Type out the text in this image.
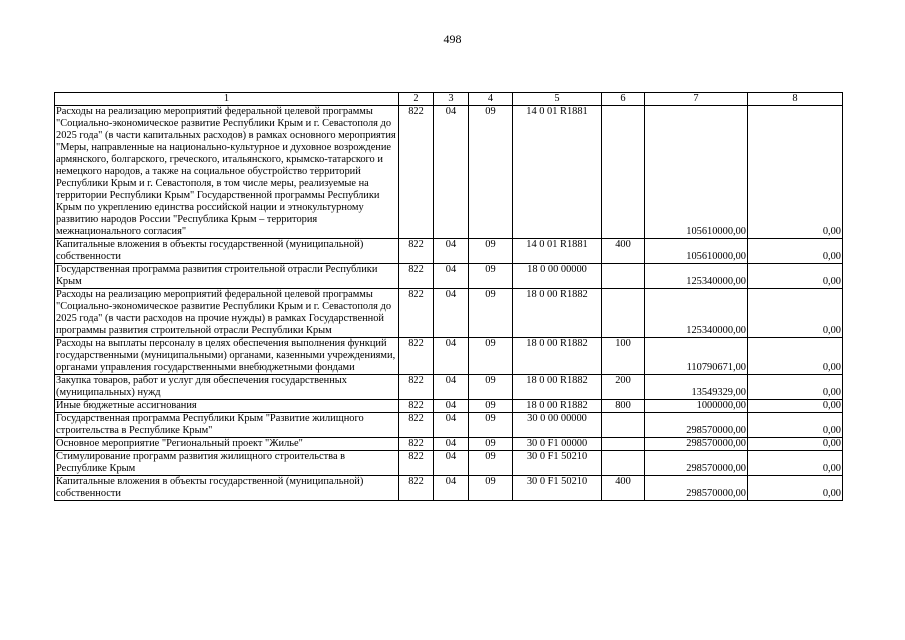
498
1	2	3	4	5	6	7	8
Расходы на реализацию мероприятий федеральной целевой программы "Социально-экономическое развитие Республики Крым и г. Севастополя до 2025 года" (в части капитальных расходов) в рамках основного мероприятия "Меры, направленные на национально-культурное и духовное возрождение армянского, болгарского, греческого, итальянского, крымско-татарского и немецкого народов, а также на социальное обустройство территорий Республики Крым и г. Севастополя, в том числе меры, реализуемые на территории Республики Крым" Государственной программы Республики Крым по укреплению единства российской нации и этнокультурному развитию народов России "Республика Крым – территория межнационального согласия"	822	04	09	14 0 01 R1881		105610000,00	0,00
Капитальные вложения в объекты государственной (муниципальной) собственности	822	04	09	14 0 01 R1881	400	105610000,00	0,00
Государственная программа развития строительной отрасли Республики Крым	822	04	09	18 0 00 00000		125340000,00	0,00
Расходы на реализацию мероприятий федеральной целевой программы "Социально-экономическое развитие Республики Крым и г. Севастополя до 2025 года" (в части расходов на прочие нужды) в рамках Государственной программы развития строительной отрасли Республики Крым	822	04	09	18 0 00 R1882		125340000,00	0,00
Расходы на выплаты персоналу в целях обеспечения выполнения функций государственными (муниципальными) органами, казенными учреждениями, органами управления государственными внебюджетными фондами	822	04	09	18 0 00 R1882	100	110790671,00	0,00
Закупка товаров, работ и услуг для обеспечения государственных (муниципальных) нужд	822	04	09	18 0 00 R1882	200	13549329,00	0,00
Иные бюджетные ассигнования	822	04	09	18 0 00 R1882	800	1000000,00	0,00
Государственная программа Республики Крым "Развитие жилищного строительства в Республике Крым"	822	04	09	30 0 00 00000		298570000,00	0,00
Основное мероприятие "Региональный проект "Жилье"	822	04	09	30 0 F1 00000		298570000,00	0,00
Стимулирование программ развития жилищного строительства в Республике Крым	822	04	09	30 0 F1 50210		298570000,00	0,00
Капитальные вложения в объекты государственной (муниципальной) собственности	822	04	09	30 0 F1 50210	400	298570000,00	0,00
